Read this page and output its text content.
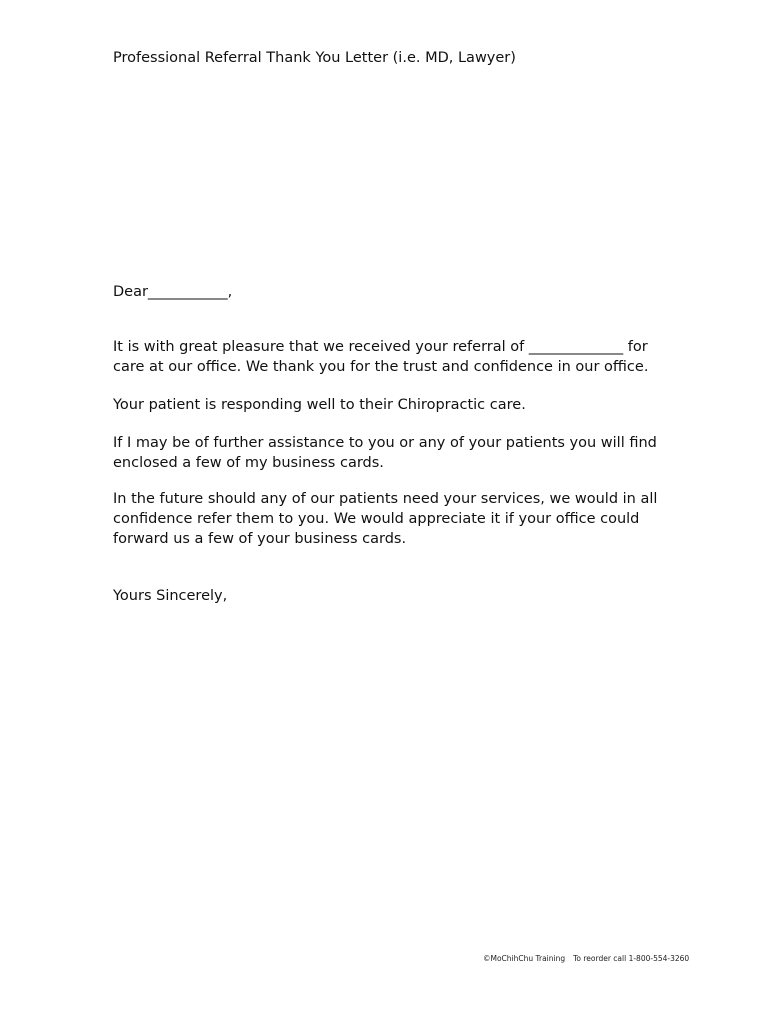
Professional Referral Thank You Letter (i.e. MD, Lawyer)
Dear___________,
It is with great pleasure that we received your referral of _____________ for
care at our office. We thank you for the trust and confidence in our office.
Your patient is responding well to their Chiropractic care.
If I may be of further assistance to you or any of your patients you will find
enclosed a few of my business cards.
In the future should any of our patients need your services, we would in all
confidence refer them to you. We would appreciate it if your office could
forward us a few of your business cards.
Yours Sincerely,
©MoChihChu Training To reorder call 1-800-554-3260
